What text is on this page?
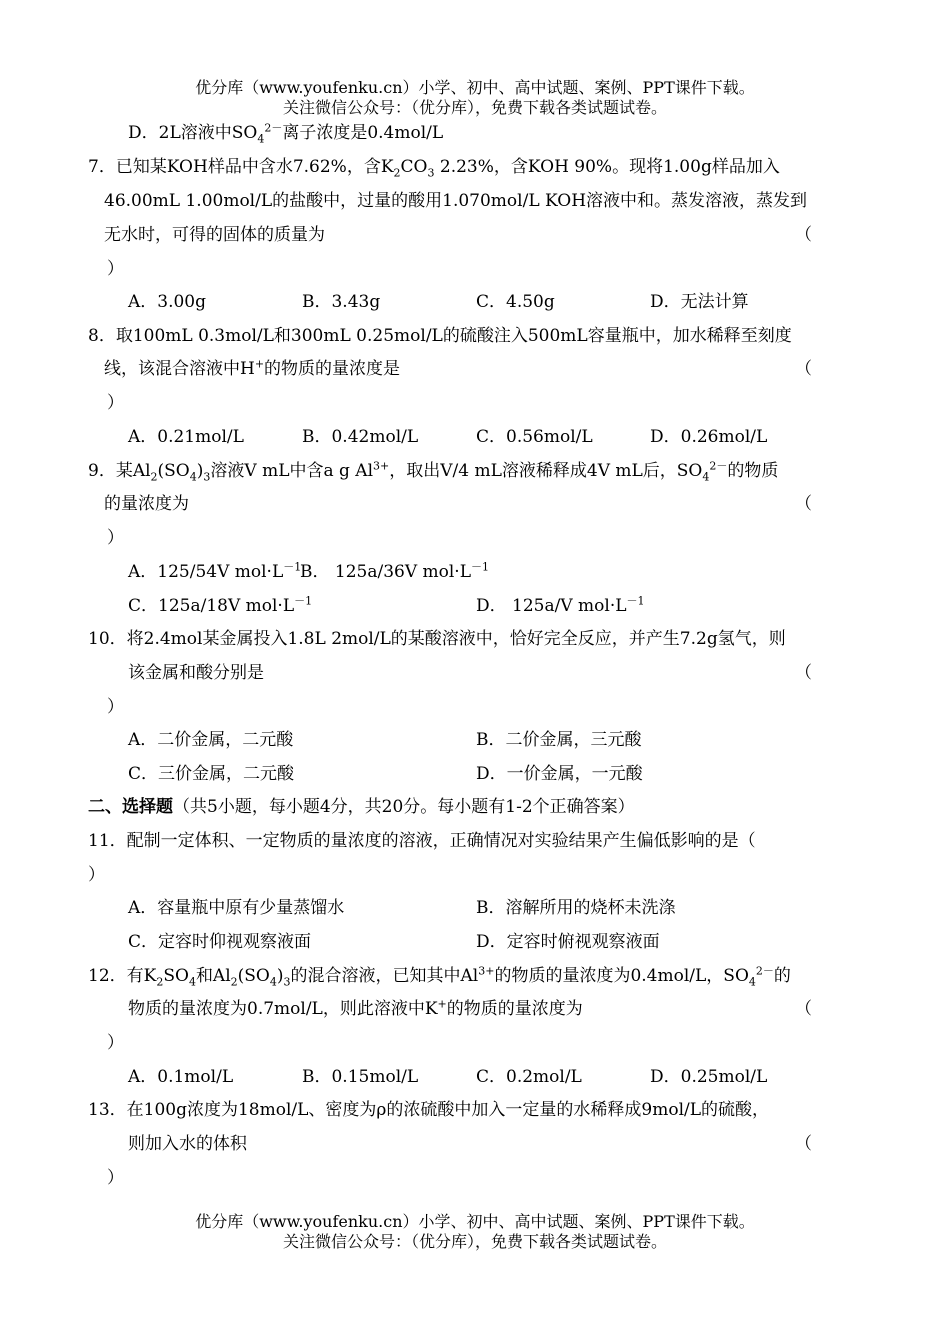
优分库（www.youfenku.cn）小学、初中、高中试题、案例、PPT课件下载。
关注微信公众号：（优分库），免费下载各类试题试卷。
D．2L溶液中$SO_4^{2-}$离子浓度是0.4mol/L
7．已知某KOH样品中含水7.62%，含$K_2CO_3$ 2.23%，含KOH 90%。现将1.00g样品加入
46.00mL 1.00mol/L的盐酸中，过量的酸用1.070mol/L KOH溶液中和。蒸发溶液，蒸发到
无水时，可得的固体的质量为	（
）
A．3.00g	B．3.43g	C．4.50g	D．无法计算
8．取100mL 0.3mol/L和300mL 0.25mol/L的硫酸注入500mL容量瓶中，加水稀释至刻度
线，该混合溶液中H+的物质的量浓度是	（
）
A．0.21mol/L	B．0.42mol/L	C．0.56mol/L	D．0.26mol/L
9．某$Al_2(SO_4)_3$溶液V mL中含a g $Al^{3+}$，取出V/4 mL溶液稀释成4V mL后，$SO_4^{2-}$的物质
的量浓度为	（
）
A．125/54V $mol\cdot L^{-1}$
B． 125a/36V $mol\cdot L^{-1}$
C．125a/18V $mol\cdot L^{-1}$	D． 125a/V $mol\cdot L^{-1}$
10．将2.4mol某金属投入1.8L 2mol/L的某酸溶液中，恰好完全反应，并产生7.2g氢气，则
该金属和酸分别是	（
）
A．二价金属，二元酸	B．二价金属，三元酸
C．三价金属，二元酸	D．一价金属，一元酸
二、选择题（共5小题，每小题4分，共20分。每小题有1-2个正确答案）
11．配制一定体积、一定物质的量浓度的溶液，正确情况对实验结果产生偏低影响的是（
）
A．容量瓶中原有少量蒸馏水	B．溶解所用的烧杯未洗涤
C．定容时仰视观察液面	D．定容时俯视观察液面
12．有$K_2SO_4$和$Al_2(SO_4)_3$的混合溶液，已知其中$Al^{3+}$的物质的量浓度为0.4mol/L，$SO_4^{2-}$的
物质的量浓度为0.7mol/L，则此溶液中K+的物质的量浓度为	（
）
A．0.1mol/L	B．0.15mol/L	C．0.2mol/L	D．0.25mol/L
13．在100g浓度为18mol/L、密度为ρ的浓硫酸中加入一定量的水稀释成9mol/L的硫酸，
则加入水的体积	（
）
优分库（www.youfenku.cn）小学、初中、高中试题、案例、PPT课件下载。
关注微信公众号：（优分库），免费下载各类试题试卷。
